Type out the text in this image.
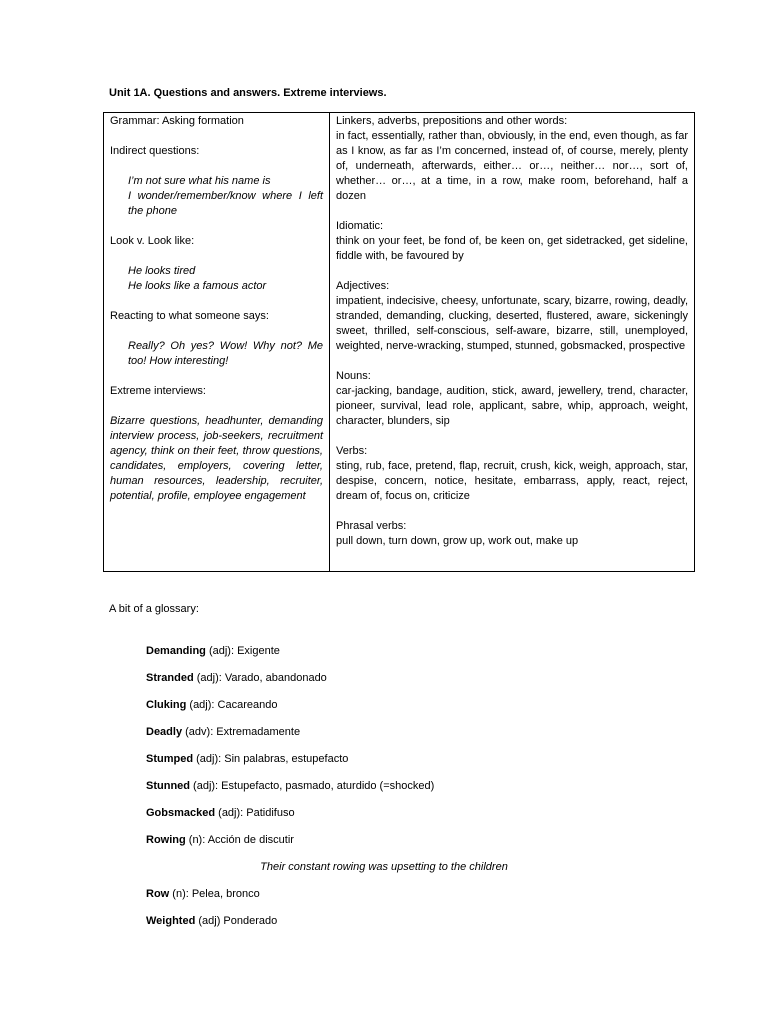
Unit 1A. Questions and answers. Extreme interviews.

Grammar: Asking formation

Indirect questions:

I’m not sure what his name is

I wonder/remember/know where I left the phone

Look v. Look like:

He looks tired

He looks like a famous actor

Reacting to what someone says:

Really? Oh yes? Wow! Why not? Me too! How interesting!

Extreme interviews:

Bizarre questions, headhunter, demanding interview process, job-seekers, recruitment agency, think on their feet, throw questions, candidates, employers, covering letter, human resources, leadership, recruiter, potential, profile, employee engagement

Linkers, adverbs, prepositions and other words:

in fact, essentially, rather than, obviously, in the end, even though, as far as I know, as far as I’m concerned, instead of, of course, merely, plenty of, underneath, afterwards, either… or…, neither… nor…, sort of, whether… or…, at a time, in a row, make room, beforehand, half a dozen

Idiomatic:

think on your feet, be fond of, be keen on, get sidetracked, get sideline, fiddle with, be favoured by

Adjectives:

impatient, indecisive, cheesy, unfortunate, scary, bizarre, rowing, deadly, stranded, demanding, clucking, deserted, flustered, aware, sickeningly sweet, thrilled, self-conscious, self-aware, bizarre, still, unemployed, weighted, nerve-wracking, stumped, stunned, gobsmacked, prospective

Nouns:

car-jacking, bandage, audition, stick, award, jewellery, trend, character, pioneer, survival, lead role, applicant, sabre, whip, approach, weight, character, blunders, sip

Verbs:

sting, rub, face, pretend, flap, recruit, crush, kick, weigh, approach, star, despise, concern, notice, hesitate, embarrass, apply, react, reject, dream of, focus on, criticize

Phrasal verbs:

pull down, turn down, grow up, work out, make up

A bit of a glossary:
Demanding (adj): Exigente
Stranded (adj): Varado, abandonado
Cluking (adj): Cacareando
Deadly (adv): Extremadamente
Stumped (adj): Sin palabras, estupefacto
Stunned (adj): Estupefacto, pasmado, aturdido (=shocked)
Gobsmacked (adj): Patidifuso
Rowing (n): Acción de discutir
Their constant rowing was upsetting to the children
Row (n): Pelea, bronco
Weighted (adj) Ponderado
